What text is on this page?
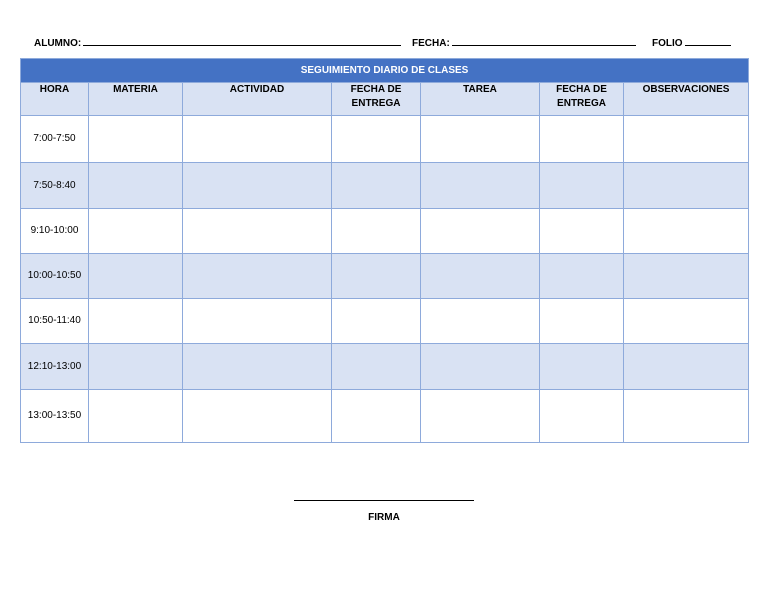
ALUMNO:	FECHA:	FOLIO
SEGUIMIENTO DIARIO DE CLASES						
HORA	MATERIA	ACTIVIDAD	FECHA DE ENTREGA	TAREA	FECHA DE ENTREGA	OBSERVACIONES
7:00-7:50						
7:50-8:40						
9:10-10:00						
10:00-10:50						
10:50-11:40						
12:10-13:00						
13:00-13:50						
FIRMA
